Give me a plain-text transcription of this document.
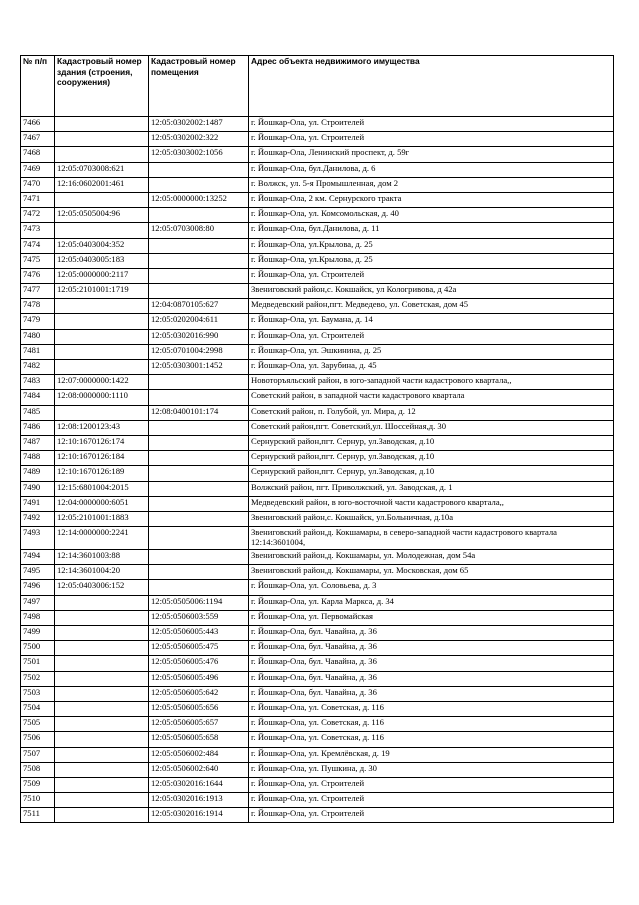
№ п/п	Кадастровый номер здания (строения, сооружения)	Кадастровый номер помещения	Адрес объекта недвижимого имущества
7466		12:05:0302002:1487	г. Йошкар-Ола, ул. Строителей
7467		12:05:0302002:322	г. Йошкар-Ола, ул. Строителей
7468		12:05:0303002:1056	г. Йошкар-Ола, Ленинский проспект, д. 59г
7469	12:05:0703008:621		г. Йошкар-Ола, бул.Данилова, д. 6
7470	12:16:0602001:461		г. Волжск, ул. 5-я Промышленная, дом 2
7471		12:05:0000000:13252	г. Йошкар-Ола, 2 км. Сернурского тракта
7472	12:05:0505004:96		г. Йошкар-Ола, ул. Комсомольская, д. 40
7473		12:05:0703008:80	г. Йошкар-Ола, бул.Данилова, д. 11
7474	12:05:0403004:352		г. Йошкар-Ола, ул.Крылова, д. 25
7475	12:05:0403005:183		г. Йошкар-Ола, ул.Крылова, д. 25
7476	12:05:0000000:2117		г. Йошкар-Ола, ул. Строителей
7477	12:05:2101001:1719		Звениговский район,с. Кокшайск, ул Кологривова, д 42а
7478		12:04:0870105:627	Медведевский район,пгт. Медведево, ул. Советская, дом 45
7479		12:05:0202004:611	г. Йошкар-Ола, ул. Баумана, д. 14
7480		12:05:0302016:990	г. Йошкар-Ола, ул. Строителей
7481		12:05:0701004:2998	г. Йошкар-Ола, ул. Эшкинина, д. 25
7482		12:05:0303001:1452	г. Йошкар-Ола, ул. Зарубина, д. 45
7483	12:07:0000000:1422		Новоторъяльский район, в юго-западной части кадастрового квартала,,
7484	12:08:0000000:1110		Советский район, в западной части кадастрового квартала
7485		12:08:0400101:174	Советский район, п. Голубой, ул. Мира, д. 12
7486	12:08:1200123:43		Советский район,пгт. Советский,ул. Шоссейная,д. 30
7487	12:10:1670126:174		Сернурский район,пгт. Сернур, ул.Заводская, д.10
7488	12:10:1670126:184		Сернурский район,пгт. Сернур, ул.Заводская, д.10
7489	12:10:1670126:189		Сернурский район,пгт. Сернур, ул.Заводская, д.10
7490	12:15:6801004:2015		Волжский район, пгт. Приволжский, ул. Заводская, д. 1
7491	12:04:0000000:6051		Медведевский район, в юго-восточной части кадастрового квартала,,
7492	12:05:2101001:1883		Звениговский район,с. Кокшайск, ул.Больничная, д.10а
7493	12:14:0000000:2241		Звениговский район,д. Кокшамары, в северо-западной части кадастрового квартала 12:14:3601004,
7494	12:14:3601003:88		Звениговский район,д. Кокшамары, ул. Молодежная, дом 54а
7495	12:14:3601004:20		Звениговский район,д. Кокшамары, ул. Московская, дом 65
7496	12:05:0403006:152		г. Йошкар-Ола, ул. Соловьева, д. 3
7497		12:05:0505006:1194	г. Йошкар-Ола, ул. Карла Маркса, д. 34
7498		12:05:0506003:559	г. Йошкар-Ола, ул. Первомайская
7499		12:05:0506005:443	г. Йошкар-Ола, бул. Чавайна, д. 36
7500		12:05:0506005:475	г. Йошкар-Ола, бул. Чавайна, д. 36
7501		12:05:0506005:476	г. Йошкар-Ола, бул. Чавайна, д. 36
7502		12:05:0506005:496	г. Йошкар-Ола, бул. Чавайна, д. 36
7503		12:05:0506005:642	г. Йошкар-Ола, бул. Чавайна, д. 36
7504		12:05:0506005:656	г. Йошкар-Ола, ул. Советская, д. 116
7505		12:05:0506005:657	г. Йошкар-Ола, ул. Советская, д. 116
7506		12:05:0506005:658	г. Йошкар-Ола, ул. Советская, д. 116
7507		12:05:0506002:484	г. Йошкар-Ола, ул. Кремлёвская, д. 19
7508		12:05:0506002:640	г. Йошкар-Ола, ул. Пушкина, д. 30
7509		12:05:0302016:1644	г. Йошкар-Ола, ул. Строителей
7510		12:05:0302016:1913	г. Йошкар-Ола, ул. Строителей
7511		12:05:0302016:1914	г. Йошкар-Ола, ул. Строителей
